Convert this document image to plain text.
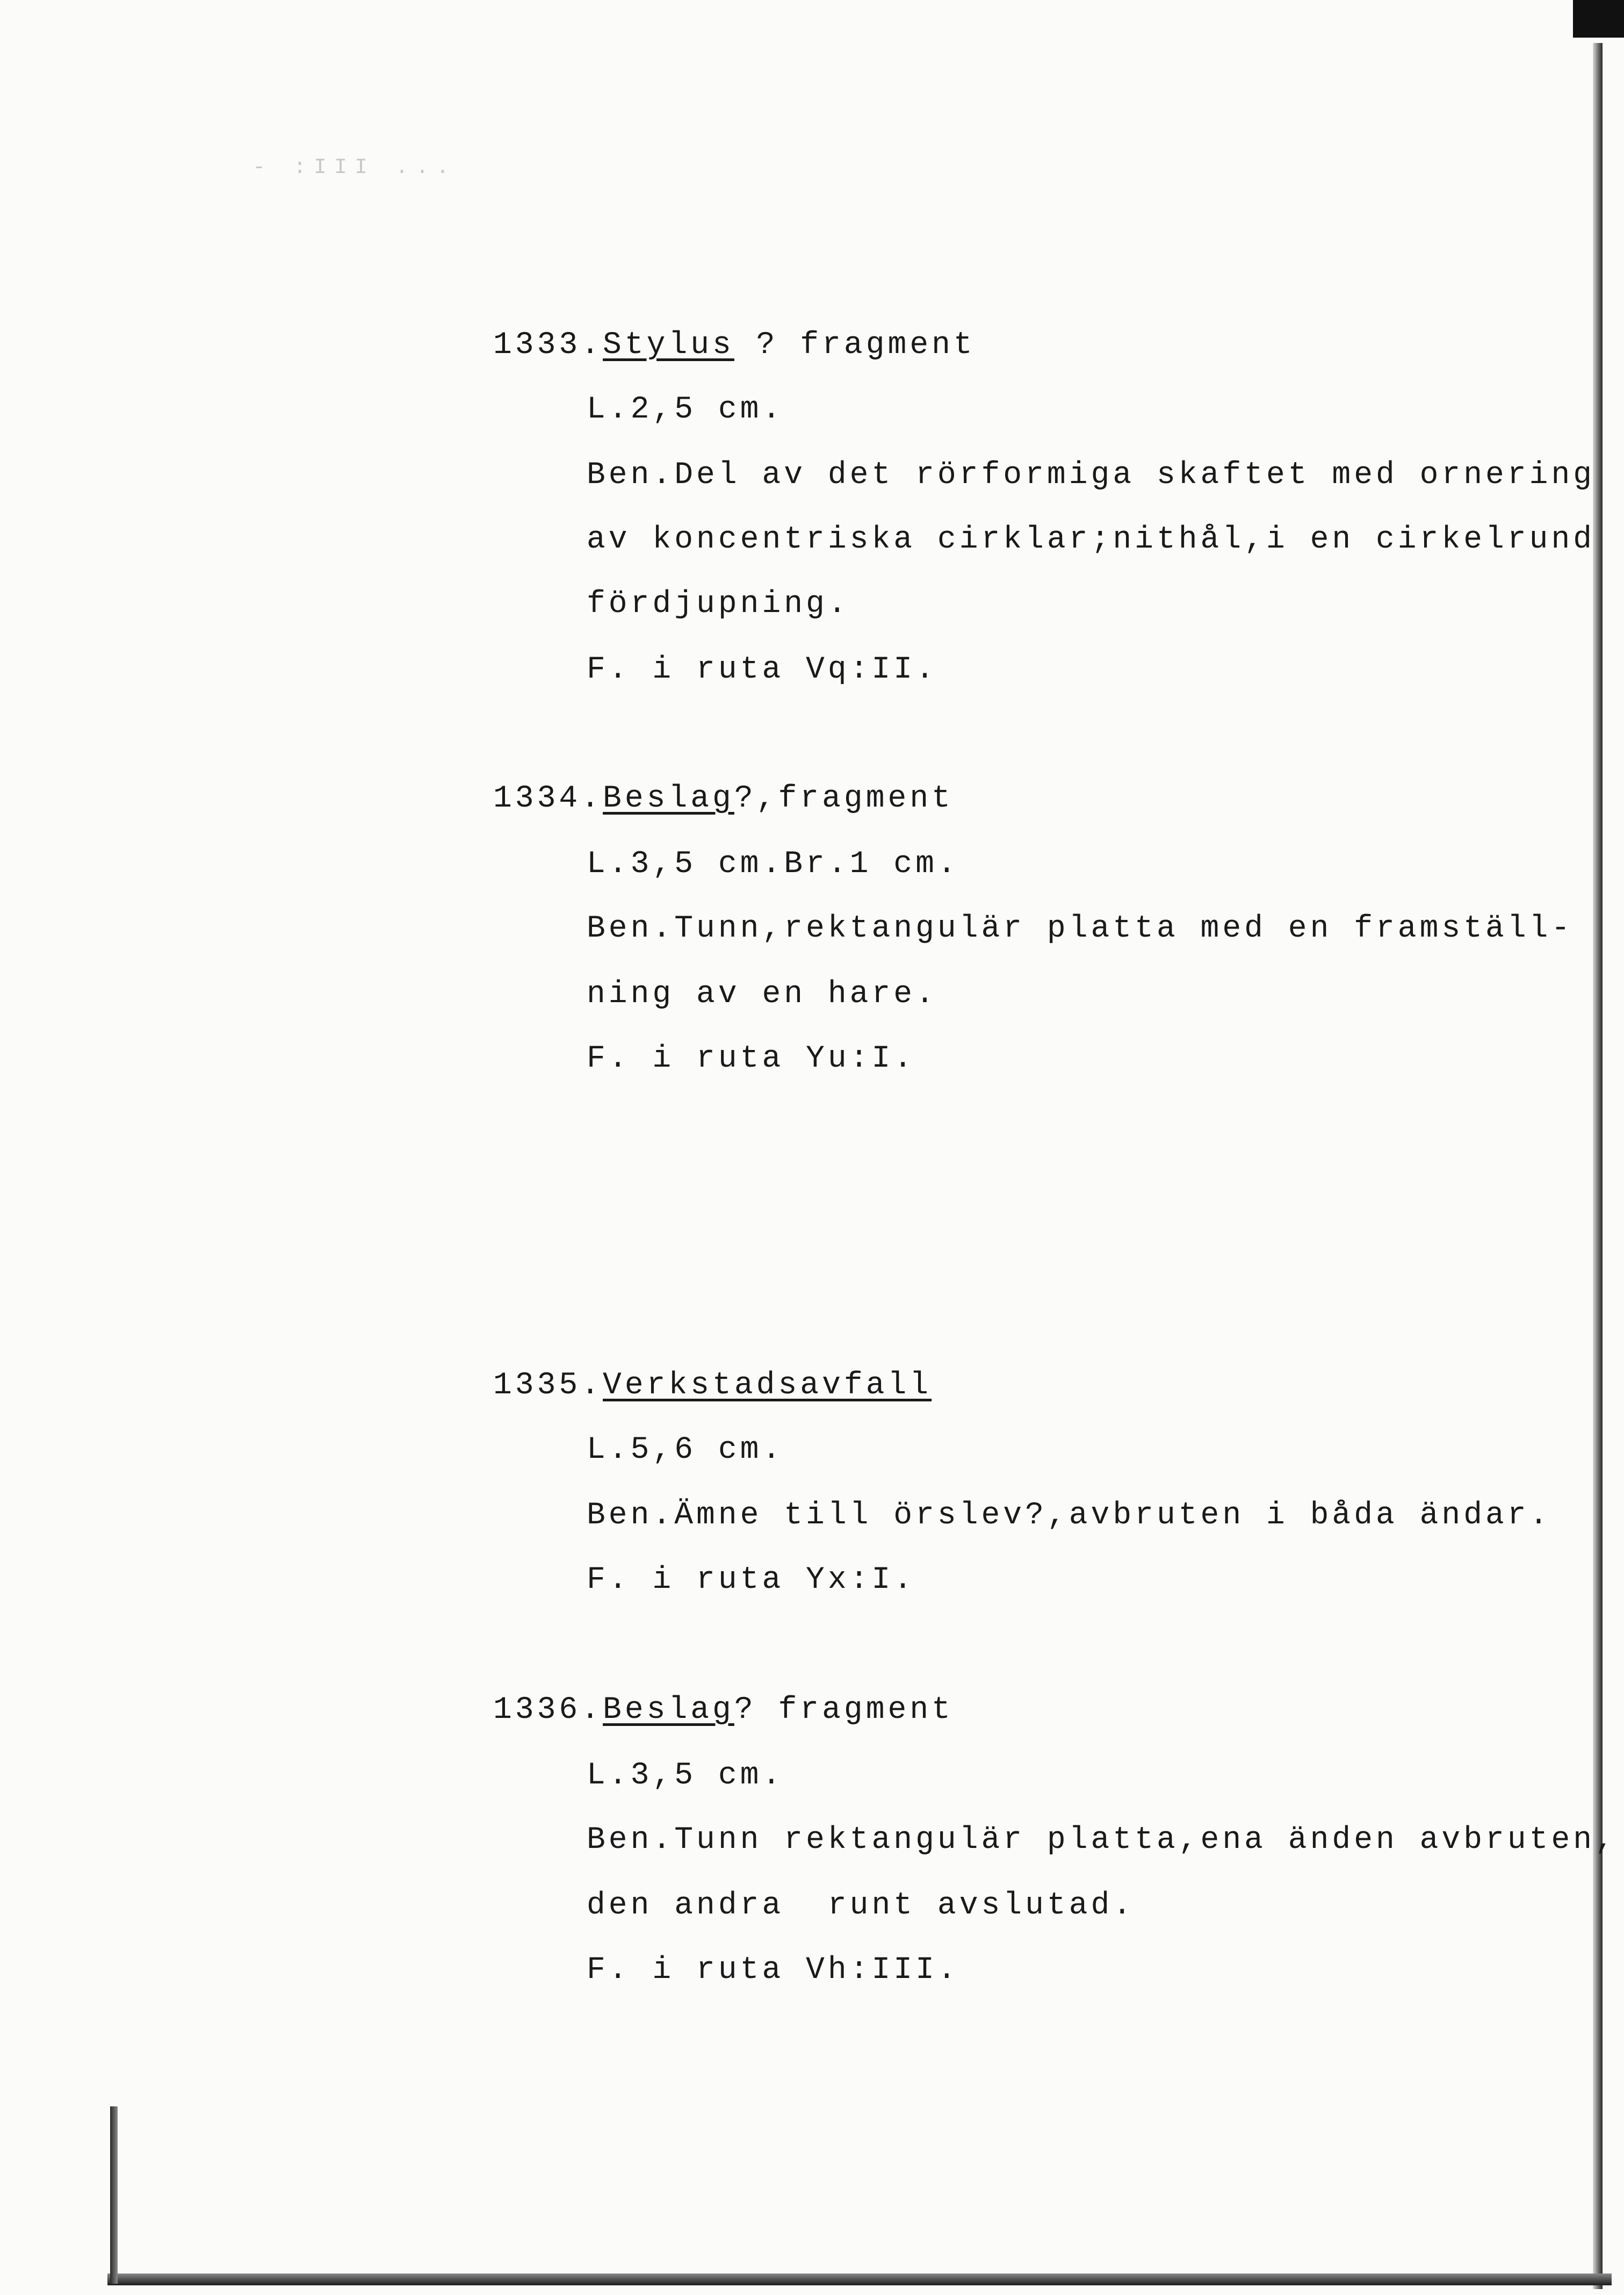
- :III ...
1333.Stylus ? fragment
L.2,5 cm.
Ben.Del av det rörformiga skaftet med ornering
av koncentriska cirklar;nithål,i en cirkelrund
fördjupning.
F. i ruta Vq:II.
1334.Beslag?,fragment
L.3,5 cm.Br.1 cm.
Ben.Tunn,rektangulär platta med en framställ-
ning av en hare.
F. i ruta Yu:I.
1335.Verkstadsavfall
L.5,6 cm.
Ben.Ämne till örslev?,avbruten i båda ändar.
F. i ruta Yx:I.
1336.Beslag? fragment
L.3,5 cm.
Ben.Tunn rektangulär platta,ena änden avbruten,
den andra  runt avslutad.
F. i ruta Vh:III.
